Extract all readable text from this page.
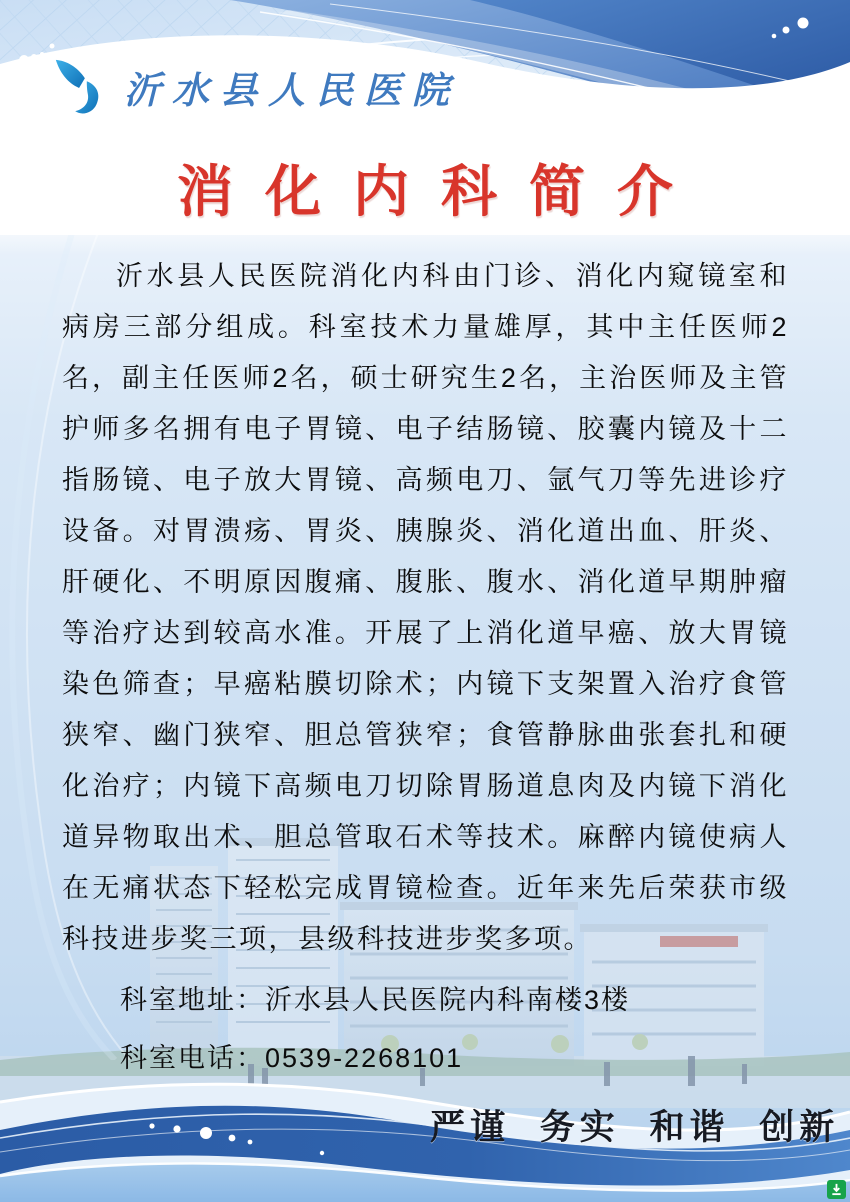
沂水县人民医院
消化内科简介

沂水县人民医院消化内科由门诊、消化内窥镜室和病房三部分组成。科室技术力量雄厚，其中主任医师2名，副主任医师2名，硕士研究生2名，主治医师及主管护师多名拥有电子胃镜、电子结肠镜、胶囊内镜及十二指肠镜、电子放大胃镜、高频电刀、氩气刀等先进诊疗设备。对胃溃疡、胃炎、胰腺炎、消化道出血、肝炎、肝硬化、不明原因腹痛、腹胀、腹水、消化道早期肿瘤等治疗达到较高水准。开展了上消化道早癌、放大胃镜染色筛查；早癌粘膜切除术；内镜下支架置入治疗食管狭窄、幽门狭窄、胆总管狭窄；食管静脉曲张套扎和硬化治疗；内镜下高频电刀切除胃肠道息肉及内镜下消化道异物取出术、胆总管取石术等技术。麻醉内镜使病人在无痛状态下轻松完成胃镜检查。近年来先后荣获市级科技进步奖三项，县级科技进步奖多项。

科室地址：沂水县人民医院内科南楼3楼
科室电话：0539-2268101
严谨 务实 和谐 创新
